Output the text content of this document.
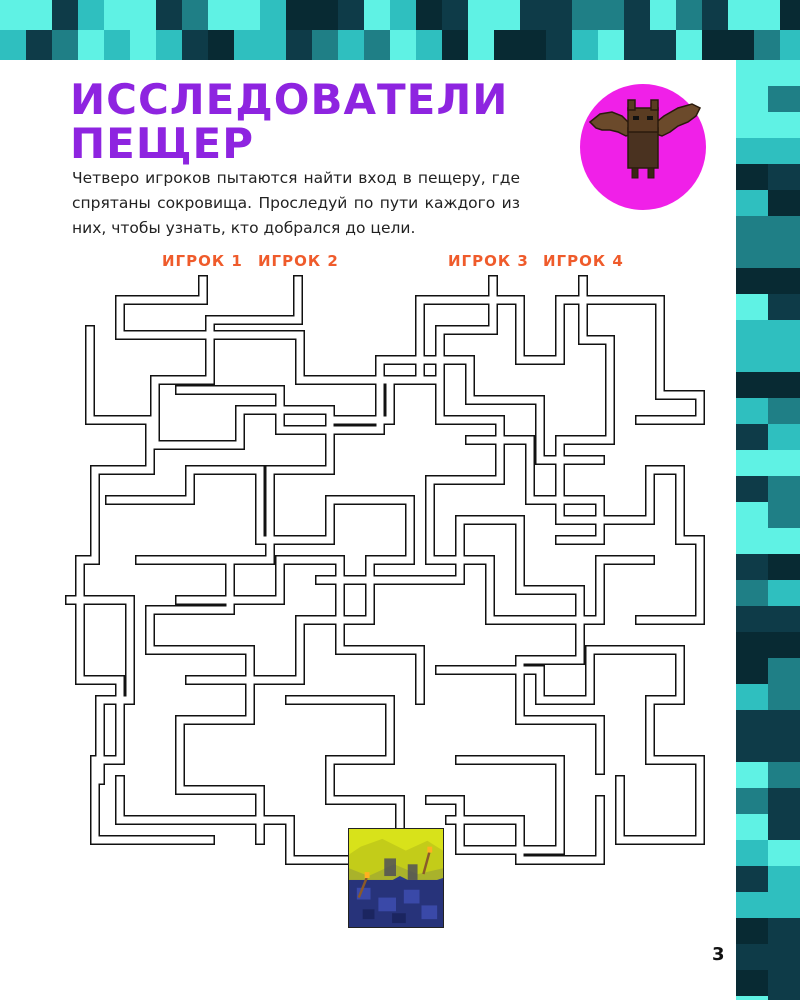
ИССЛЕДОВАТЕЛИ ПЕЩЕР

Четверо игроков пытаются найти вход в пещеру, где спрятаны сокровища. Проследуй по пути каждого из них, чтобы узнать, кто добрался до цели.

ИГРОК 1 ИГРОК 2	ИГРОК 3 ИГРОК 4
3
